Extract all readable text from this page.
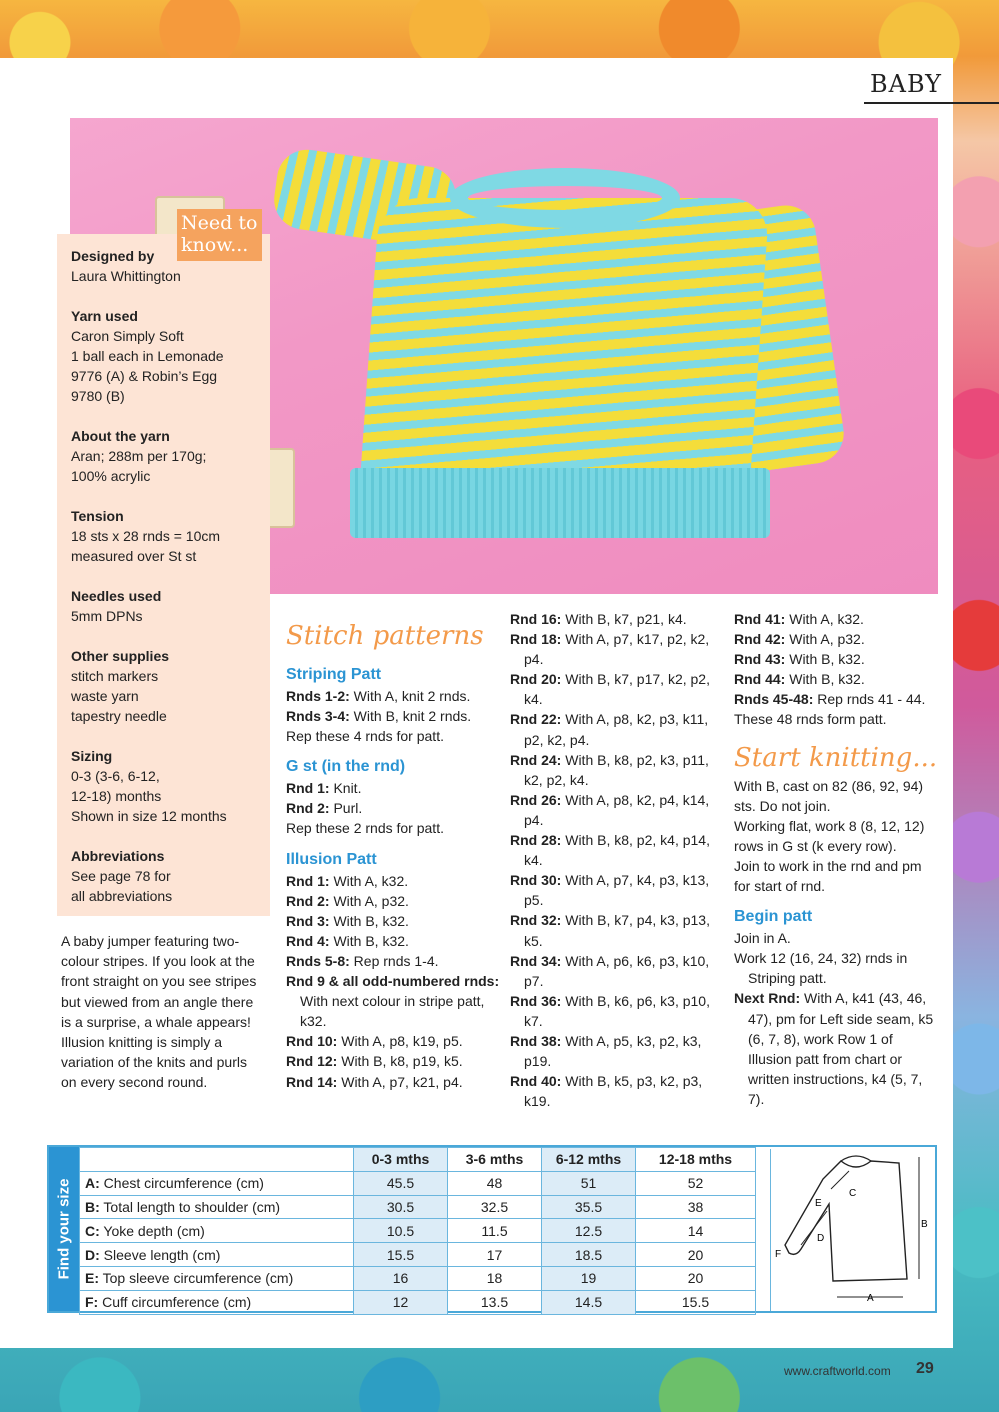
BABY
Need to know...
Designed by

Laura Whittington

Yarn used

Caron Simply Soft

1 ball each in Lemonade

9776 (A) & Robin’s Egg

9780 (B)

About the yarn

Aran; 288m per 170g;

100% acrylic

Tension

18 sts x 28 rnds = 10cm

measured over St st

Needles used

5mm DPNs

Other supplies

stitch markers

waste yarn

tapestry needle

Sizing

0-3 (3-6, 6-12,

12-18) months

Shown in size 12 months

Abbreviations

See page 78 for

all abbreviations

A baby jumper featuring two-
colour stripes. If you look at the
front straight on you see stripes
but viewed from an angle there
is a surprise, a whale appears!
Illusion knitting is simply a
variation of the knits and purls
on every second round.
Stitch patterns
Striping Patt
Rnds 1-2: With A, knit 2 rnds.
Rnds 3-4: With B, knit 2 rnds.
Rep these 4 rnds for patt.
G st (in the rnd)
Rnd 1: Knit.
Rnd 2: Purl.
Rep these 2 rnds for patt.
Illusion Patt
Rnd 1: With A, k32.
Rnd 2: With A, p32.
Rnd 3: With B, k32.
Rnd 4: With B, k32.
Rnds 5-8: Rep rnds 1-4.
Rnd 9 & all odd-numbered rnds: With next colour in stripe patt, k32.
Rnd 10: With A, p8, k19, p5.
Rnd 12: With B, k8, p19, k5.
Rnd 14: With A, p7, k21, p4.
Rnd 16: With B, k7, p21, k4.
Rnd 18: With A, p7, k17, p2, k2, p4.
Rnd 20: With B, k7, p17, k2, p2, k4.
Rnd 22: With A, p8, k2, p3, k11, p2, k2, p4.
Rnd 24: With B, k8, p2, k3, p11, k2, p2, k4.
Rnd 26: With A, p8, k2, p4, k14, p4.
Rnd 28: With B, k8, p2, k4, p14, k4.
Rnd 30: With A, p7, k4, p3, k13, p5.
Rnd 32: With B, k7, p4, k3, p13, k5.
Rnd 34: With A, p6, k6, p3, k10, p7.
Rnd 36: With B, k6, p6, k3, p10, k7.
Rnd 38: With A, p5, k3, p2, k3, p19.
Rnd 40: With B, k5, p3, k2, p3, k19.
Rnd 41: With A, k32.
Rnd 42: With A, p32.
Rnd 43: With B, k32.
Rnd 44: With B, k32.
Rnds 45-48: Rep rnds 41 - 44.
These 48 rnds form patt.
Start knitting...
With B, cast on 82 (86, 92, 94) sts. Do not join.
Working flat, work 8 (8, 12, 12) rows in G st (k every row).
Join to work in the rnd and pm for start of rnd.
Begin patt
Join in A.
Work 12 (16, 24, 32) rnds in Striping patt.
Next Rnd: With A, k41 (43, 46, 47), pm for Left side seam, k5 (6, 7, 8), work Row 1 of Illusion patt from chart or written instructions, k4 (5, 7, 7).
Find your size
	0-3 mths	3-6 mths	6-12 mths	12-18 mths
A: Chest circumference (cm)	45.5	48	51	52
B: Total length to shoulder (cm)	30.5	32.5	35.5	38
C: Yoke depth (cm)	10.5	11.5	12.5	14
D: Sleeve length (cm)	15.5	17	18.5	20
E: Top sleeve circumference (cm)	16	18	19	20
F: Cuff circumference (cm)	12	13.5	14.5	15.5
B
A
C
D
E
F
www.craftworld.com 29
